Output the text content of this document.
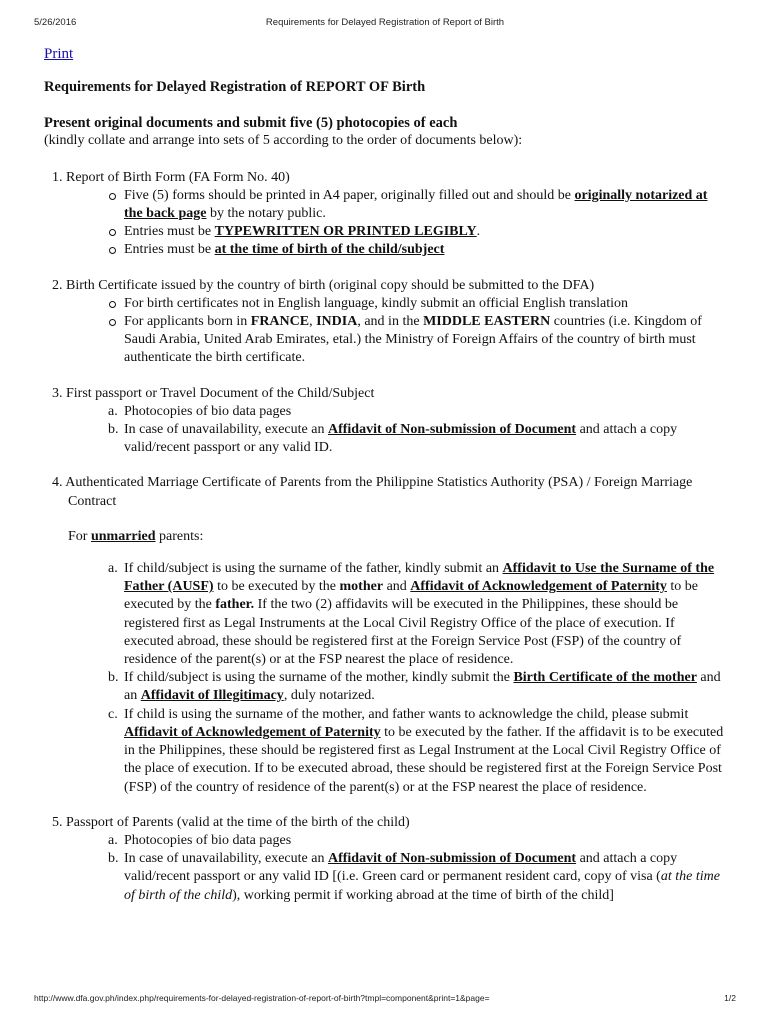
5/26/2016	Requirements for Delayed Registration of Report of Birth
Print
Requirements for Delayed Registration of REPORT OF Birth

Present original documents and submit five (5) photocopies of each

(kindly collate and arrange into sets of 5 according to the order of documents below):

1. Report of Birth Form (FA Form No. 40)

Five (5) forms should be printed in A4 paper, originally filled out and should be originally notarized at the back page by the notary public.
Entries must be TYPEWRITTEN OR PRINTED LEGIBLY.
Entries must be at the time of birth of the child/subject

2. Birth Certificate issued by the country of birth (original copy should be submitted to the DFA)

For birth certificates not in English language, kindly submit an official English translation
For applicants born in FRANCE, INDIA, and in the MIDDLE EASTERN countries (i.e. Kingdom of Saudi Arabia, United Arab Emirates, etal.) the Ministry of Foreign Affairs of the country of birth must authenticate the birth certificate.

3. First passport or Travel Document of the Child/Subject

a. Photocopies of bio data pages
b. In case of unavailability, execute an Affidavit of Non-submission of Document and attach a copy valid/recent passport or any valid ID.

4. Authenticated Marriage Certificate of Parents from the Philippine Statistics Authority (PSA) / Foreign Marriage Contract

For unmarried parents:

a. If child/subject is using the surname of the father, kindly submit an Affidavit to Use the Surname of the Father (AUSF) to be executed by the mother and Affidavit of Acknowledgement of Paternity to be executed by the father. If the two (2) affidavits will be executed in the Philippines, these should be registered first as Legal Instruments at the Local Civil Registry Office of the place of execution. If executed abroad, these should be registered first at the Foreign Service Post (FSP) of the country of residence of the parent(s) or at the FSP nearest the place of residence.
b. If child/subject is using the surname of the mother, kindly submit the Birth Certificate of the mother and an Affidavit of Illegitimacy, duly notarized.
c. If child is using the surname of the mother, and father wants to acknowledge the child, please submit Affidavit of Acknowledgement of Paternity to be executed by the father. If the affidavit is to be executed in the Philippines, these should be registered first as Legal Instrument at the Local Civil Registry Office of the place of execution. If to be executed abroad, these should be registered first at the Foreign Service Post (FSP) of the country of residence of the parent(s) or at the FSP nearest the place of residence.

5. Passport of Parents (valid at the time of the birth of the child)

a. Photocopies of bio data pages
b. In case of unavailability, execute an Affidavit of Non-submission of Document and attach a copy valid/recent passport or any valid ID [(i.e. Green card or permanent resident card, copy of visa (at the time of birth of the child), working permit if working abroad at the time of birth of the child]
http://www.dfa.gov.ph/index.php/requirements-for-delayed-registration-of-report-of-birth?tmpl=component&print=1&page=	1/2
